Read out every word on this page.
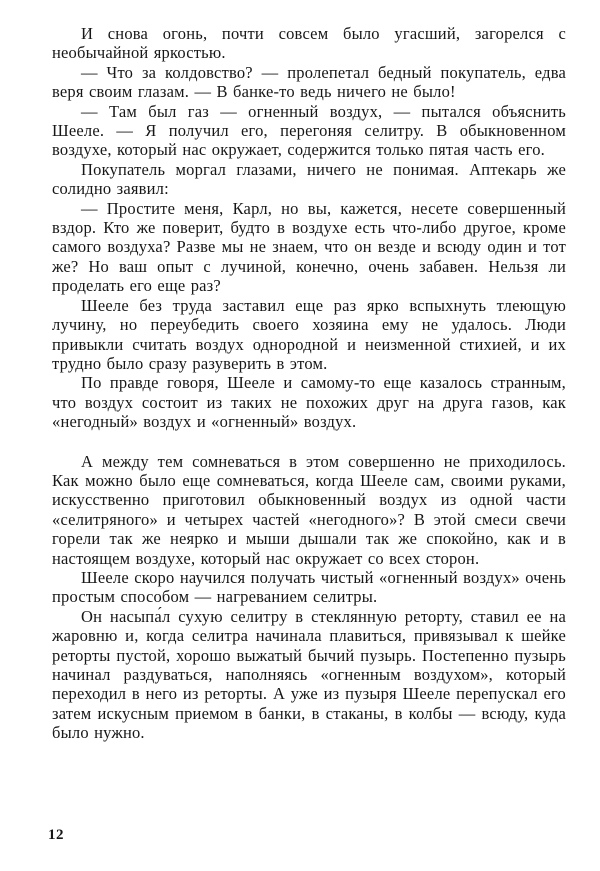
И снова огонь, почти совсем было угасший, загорелся с необычайной яркостью.

— Что за колдовство? — пролепетал бедный покупатель, едва веря своим глазам. — В банке-то ведь ничего не было!

— Там был газ — огненный воздух, — пытался объяснить Шееле. — Я получил его, перегоняя селитру. В обыкновенном воздухе, который нас окружает, содержится только пятая часть его.

Покупатель моргал глазами, ничего не понимая. Аптекарь же солидно заявил:

— Простите меня, Карл, но вы, кажется, несете совершенный вздор. Кто же поверит, будто в воздухе есть что-либо другое, кроме самого воздуха? Разве мы не знаем, что он везде и всюду один и тот же? Но ваш опыт с лучиной, конечно, очень забавен. Нельзя ли проделать его еще раз?

Шееле без труда заставил еще раз ярко вспыхнуть тлеющую лучину, но переубедить своего хозяина ему не удалось. Люди привыкли считать воздух однородной и неизменной стихией, и их трудно было сразу разуверить в этом.

По правде говоря, Шееле и самому-то еще казалось странным, что воздух состоит из таких не похожих друг на друга газов, как «негодный» воздух и «огненный» воздух.

А между тем сомневаться в этом совершенно не приходилось. Как можно было еще сомневаться, когда Шееле сам, своими руками, искусственно приготовил обыкновенный воздух из одной части «селитряного» и четырех частей «негодного»? В этой смеси свечи горели так же неярко и мыши дышали так же спокойно, как и в настоящем воздухе, который нас окружает со всех сторон.

Шееле скоро научился получать чистый «огненный воздух» очень простым способом — нагреванием селитры.

Он насыпа́л сухую селитру в стеклянную реторту, ставил ее на жаровню и, когда селитра начинала плавиться, привязывал к шейке реторты пустой, хорошо выжатый бычий пузырь. Постепенно пузырь начинал раздуваться, наполняясь «огненным воздухом», который переходил в него из реторты. А уже из пузыря Шееле перепускал его затем искусным приемом в банки, в стаканы, в колбы — всюду, куда было нужно.

12
